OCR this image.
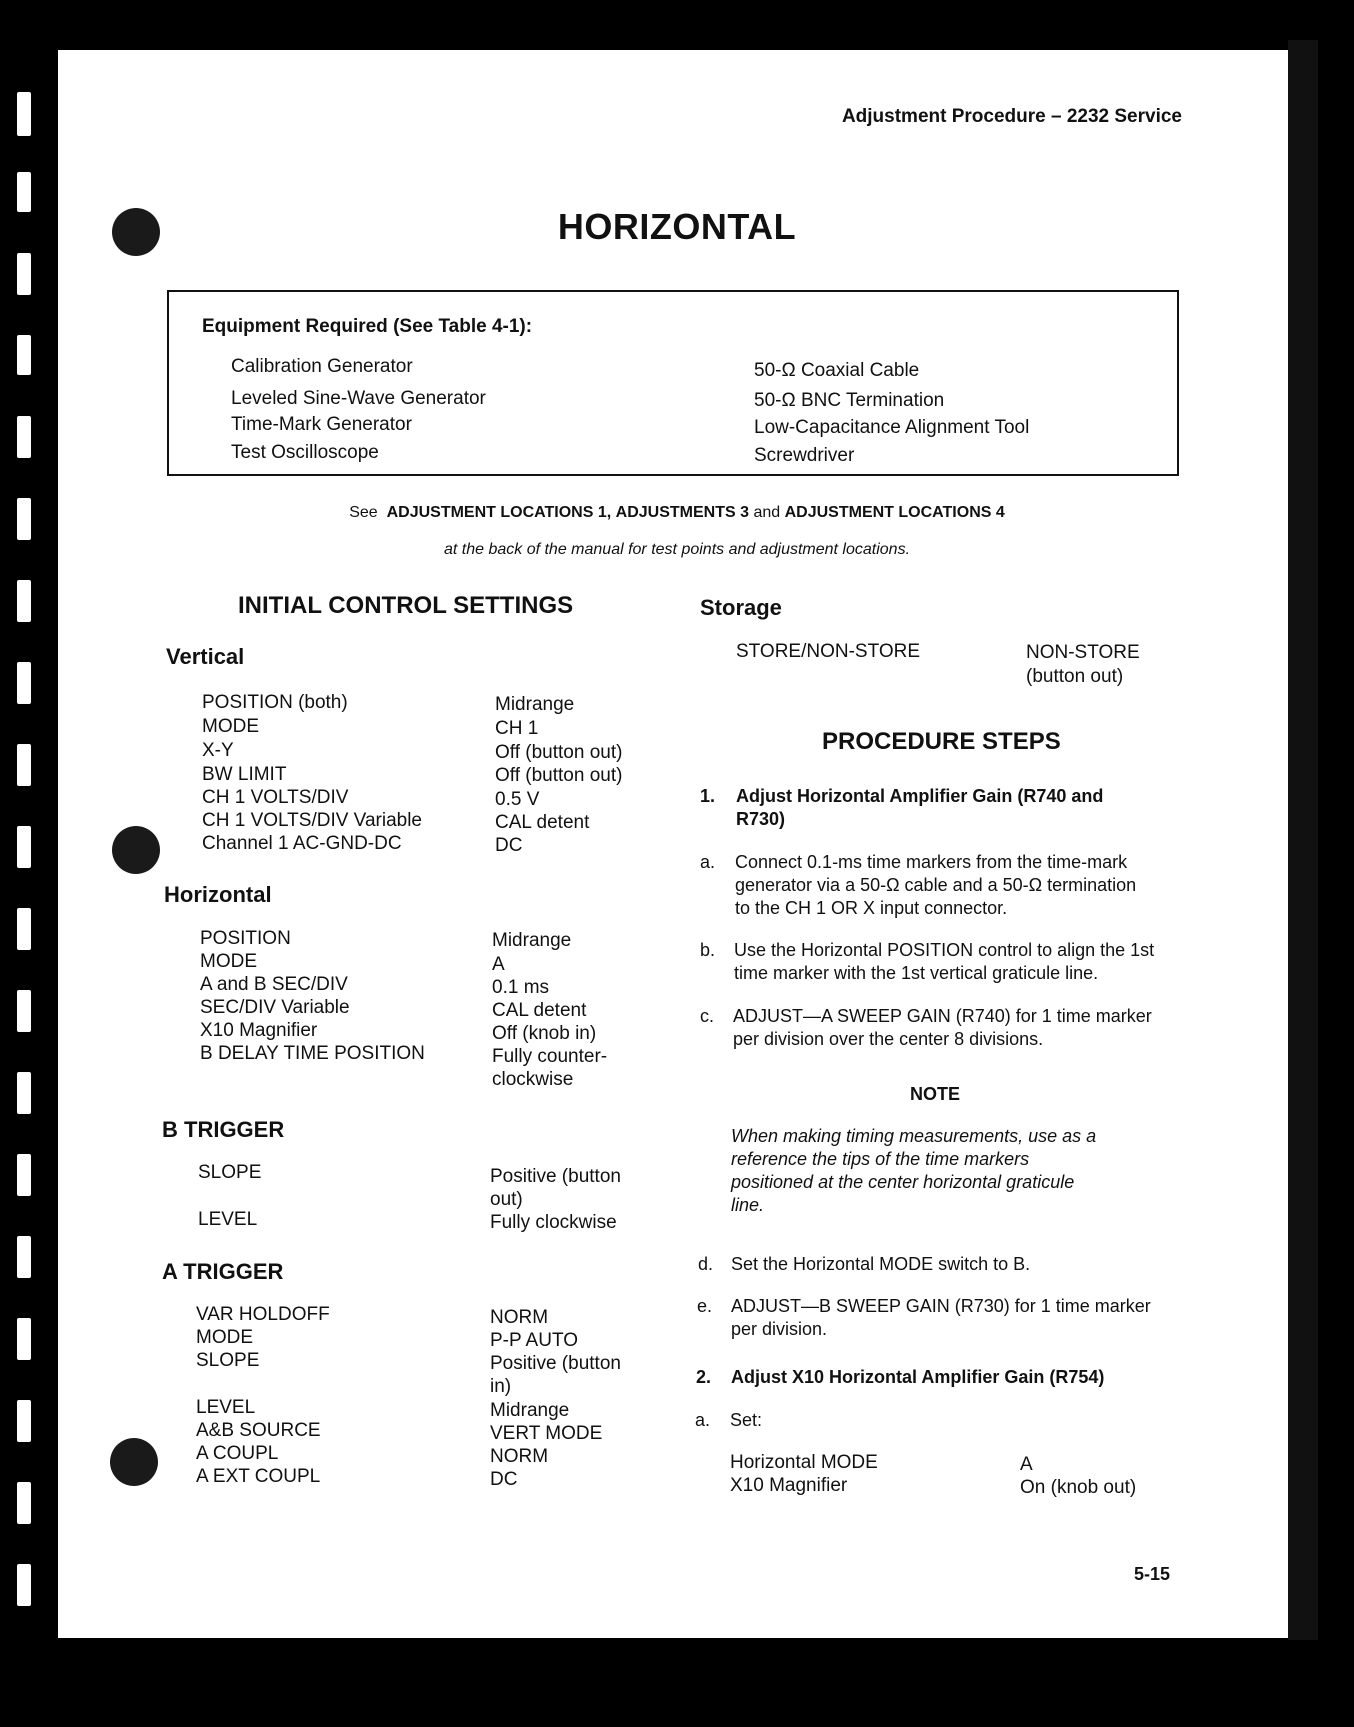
Adjustment Procedure – 2232 Service
HORIZONTAL
Equipment Required (See Table 4-1):
Calibration Generator
Leveled Sine-Wave Generator
Time-Mark Generator
Test Oscilloscope
50-Ω Coaxial Cable
50-Ω BNC Termination
Low-Capacitance Alignment Tool
Screwdriver
See ADJUSTMENT LOCATIONS 1, ADJUSTMENTS 3 and ADJUSTMENT LOCATIONS 4
at the back of the manual for test points and adjustment locations.
INITIAL CONTROL SETTINGS
Vertical
POSITION (both)	Midrange
MODE	CH 1
X-Y	Off (button out)
BW LIMIT	Off (button out)
CH 1 VOLTS/DIV	0.5 V
CH 1 VOLTS/DIV Variable	CAL detent
Channel 1 AC-GND-DC	DC
Horizontal
POSITION	Midrange
MODE	A
A and B SEC/DIV	0.1 ms
SEC/DIV Variable	CAL detent
X10 Magnifier	Off (knob in)
B DELAY TIME POSITION	Fully counter-
clockwise
B TRIGGER
SLOPE	Positive (button
out)
LEVEL	Fully clockwise
A TRIGGER
VAR HOLDOFF	NORM
MODE	P-P AUTO
SLOPE	Positive (button
in)
LEVEL	Midrange
A&B SOURCE	VERT MODE
A COUPL	NORM
A EXT COUPL	DC
Storage
STORE/NON-STORE	NON-STORE
(button out)
PROCEDURE STEPS
1. Adjust Horizontal Amplifier Gain (R740 and
R730)
a. Connect 0.1-ms time markers from the time-mark
generator via a 50-Ω cable and a 50-Ω termination
to the CH 1 OR X input connector.
b. Use the Horizontal POSITION control to align the 1st
time marker with the 1st vertical graticule line.
c. ADJUST—A SWEEP GAIN (R740) for 1 time marker
per division over the center 8 divisions.
NOTE
When making timing measurements, use as a
reference the tips of the time markers
positioned at the center horizontal graticule
line.
d. Set the Horizontal MODE switch to B.
e. ADJUST—B SWEEP GAIN (R730) for 1 time marker
per division.
2. Adjust X10 Horizontal Amplifier Gain (R754)
a. Set:
Horizontal MODE	A
X10 Magnifier	On (knob out)
5-15
